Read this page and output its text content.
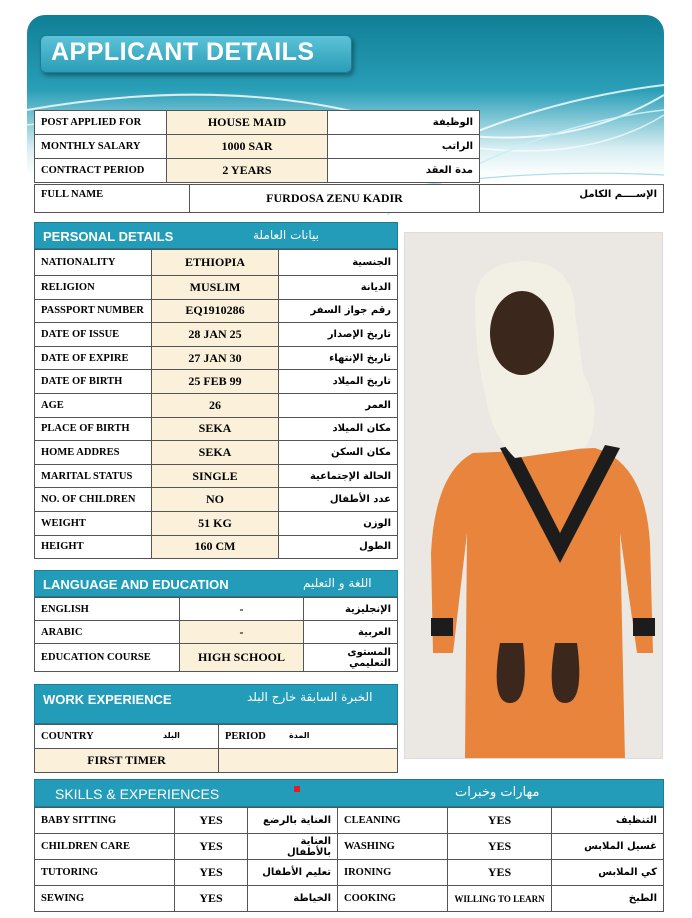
APPLICANT DETAILS
POST APPLIED FOR	HOUSE MAID	الوظيفة
MONTHLY SALARY	1000 SAR	الراتب
CONTRACT PERIOD	2 YEARS	مدة العقد
FULL NAME	FURDOSA ZENU KADIR	الإســــم الكامل
PERSONAL DETAILS	بيانات العاملة
NATIONALITY	ETHIOPIA	الجنسية
RELIGION	MUSLIM	الديانة
PASSPORT NUMBER	EQ1910286	رقم جواز السفر
DATE OF ISSUE	28 JAN 25	تاريخ الإصدار
DATE OF EXPIRE	27 JAN 30	تاريخ الإنتهاء
DATE OF BIRTH	25 FEB 99	تاريخ الميلاد
AGE	26	العمر
PLACE OF BIRTH	SEKA	مكان الميلاد
HOME ADDRES	SEKA	مكان السكن
MARITAL STATUS	SINGLE	الحالة الإجتماعية
NO. OF CHILDREN	NO	عدد الأطفال
WEIGHT	51 KG	الوزن
HEIGHT	160 CM	الطول
LANGUAGE AND EDUCATION	اللغة و التعليم
ENGLISH	-	الإنجليزية
ARABIC	-	العربية
EDUCATION COURSE	HIGH SCHOOL	المستوى التعليمي
WORK EXPERIENCE	الخبرة السابقة خارج البلد
COUNTRY البلد	PERIOD المدة

FIRST TIMER	
SKILLS & EXPERIENCES	مهارات وخبرات
BABY SITTING	YES	العناية بالرضع	CLEANING	YES	التنظيف
CHILDREN CARE	YES	العناية بالأطفال	WASHING	YES	غسيل الملابس
TUTORING	YES	تعليم الأطفال	IRONING	YES	كي الملابس
SEWING	YES	الخياطة	COOKING	WILLING TO LEARN	الطبخ
